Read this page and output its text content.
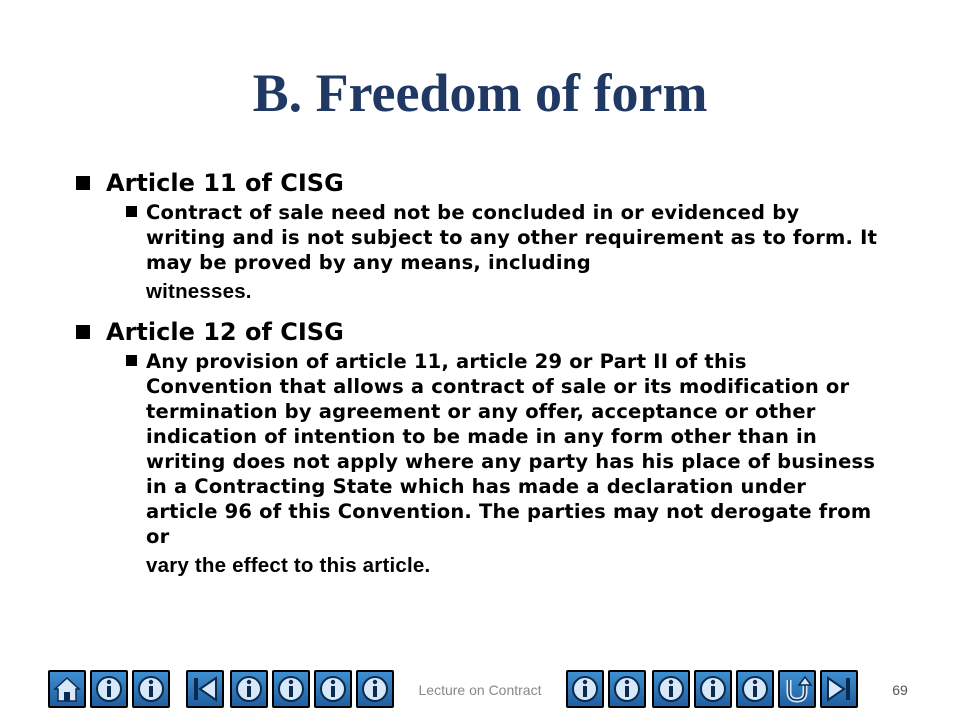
B. Freedom of form
Article 11 of CISG
Contract of sale need not be concluded in or evidenced by writing and is not subject to any other requirement as to form. It may be proved by any means, including
witnesses.
Article 12 of CISG
Any provision of article 11, article 29 or Part II of this Convention that allows a contract of sale or its modification or termination by agreement or any offer, acceptance or other indication of intention to be made in any form other than in writing does not apply where any party has his place of business in a Contracting State which has made a declaration under article 96 of this Convention. The parties may not derogate from or
vary the effect to this article.
Lecture on Contract	69
